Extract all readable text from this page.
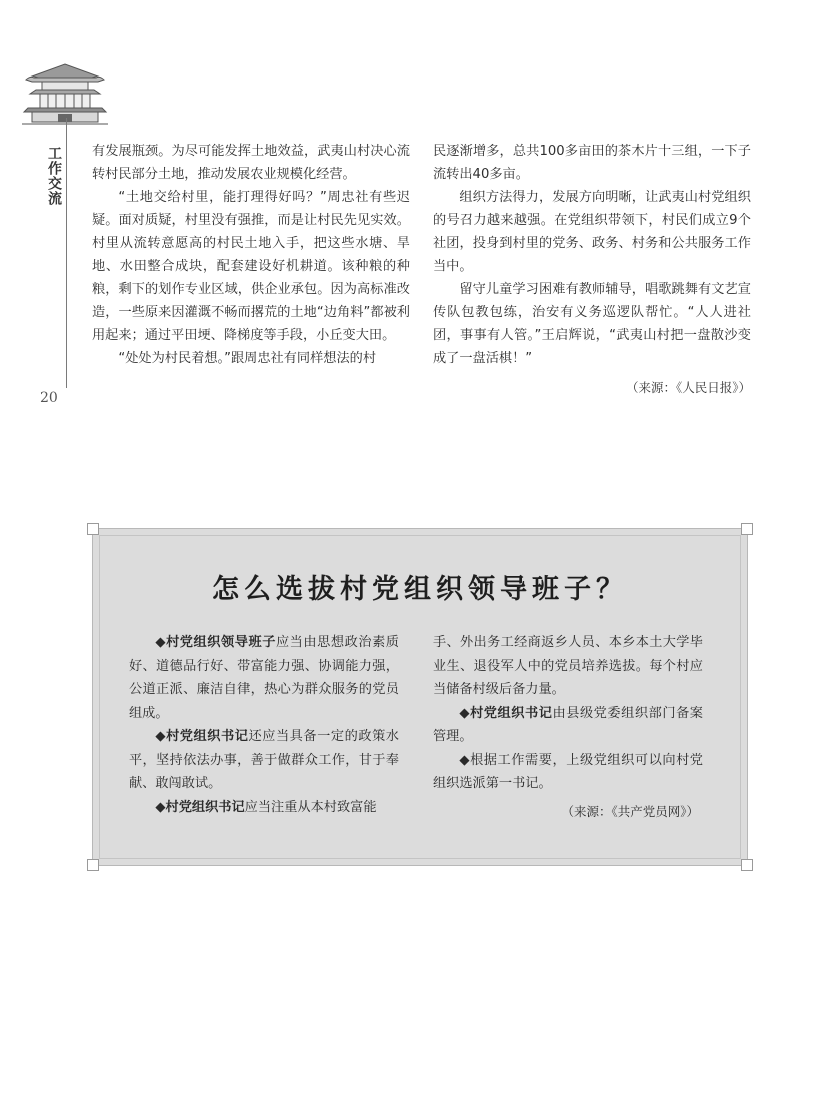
工作交流
20

有发展瓶颈。为尽可能发挥土地效益，武夷山村决心流转村民部分土地，推动发展农业规模化经营。

“土地交给村里，能打理得好吗？”周忠社有些迟疑。面对质疑，村里没有强推，而是让村民先见实效。村里从流转意愿高的村民土地入手，把这些水塘、旱地、水田整合成块，配套建设好机耕道。该种粮的种粮，剩下的划作专业区域，供企业承包。因为高标准改造，一些原来因灌溉不畅而撂荒的土地“边角料”都被利用起来；通过平田埂、降梯度等手段，小丘变大田。

“处处为村民着想。”跟周忠社有同样想法的村

民逐渐增多，总共100多亩田的茶木片十三组，一下子流转出40多亩。

组织方法得力，发展方向明晰，让武夷山村党组织的号召力越来越强。在党组织带领下，村民们成立9个社团，投身到村里的党务、政务、村务和公共服务工作当中。

留守儿童学习困难有教师辅导，唱歌跳舞有文艺宣传队包教包练，治安有义务巡逻队帮忙。“人人进社团，事事有人管。”王启辉说，“武夷山村把一盘散沙变成了一盘活棋！”

（来源：《人民日报》）
怎么选拔村党组织领导班子？

◆村党组织领导班子应当由思想政治素质好、道德品行好、带富能力强、协调能力强，公道正派、廉洁自律，热心为群众服务的党员组成。

◆村党组织书记还应当具备一定的政策水平，坚持依法办事，善于做群众工作，甘于奉献、敢闯敢试。

◆村党组织书记应当注重从本村致富能

手、外出务工经商返乡人员、本乡本土大学毕业生、退役军人中的党员培养选拔。每个村应当储备村级后备力量。

◆村党组织书记由县级党委组织部门备案管理。

◆根据工作需要，上级党组织可以向村党组织选派第一书记。

（来源：《共产党员网》）
